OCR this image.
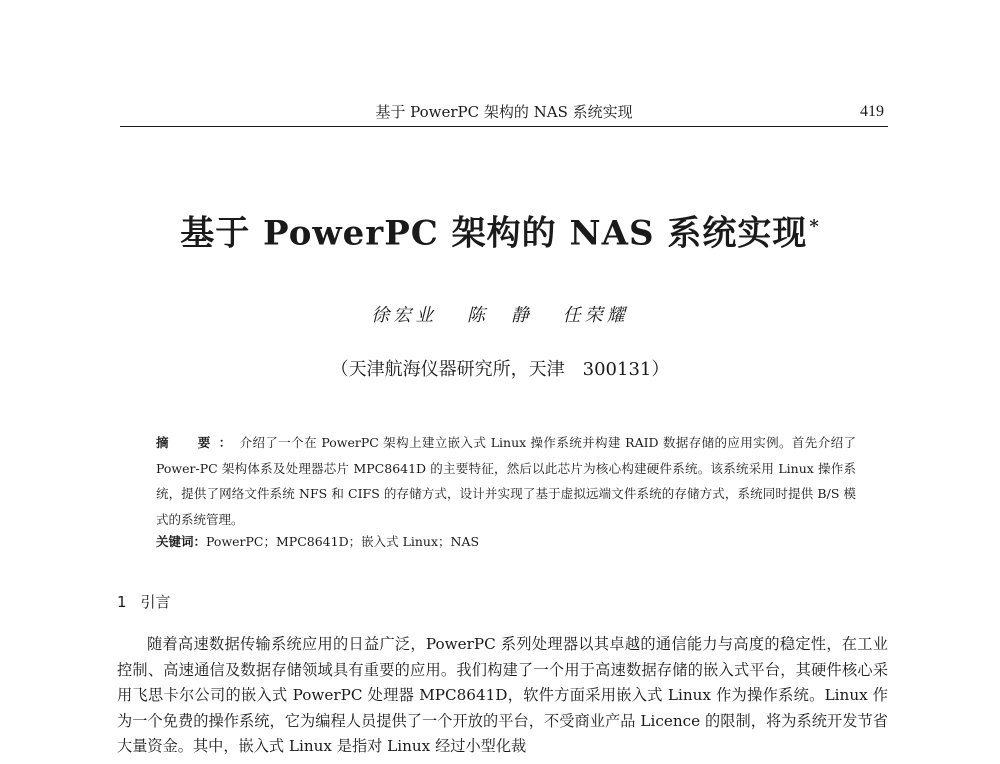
基于 PowerPC 架构的 NAS 系统实现	419
基于 PowerPC 架构的 NAS 系统实现 *
徐宏业 陈　静 任荣耀
（天津航海仪器研究所，天津　300131）

摘　要：介绍了一个在 PowerPC 架构上建立嵌入式 Linux 操作系统并构建 RAID 数据存储的应用实例。首先介绍了 Power-PC 架构体系及处理器芯片 MPC8641D 的主要特征，然后以此芯片为核心构建硬件系统。该系统采用 Linux 操作系统，提供了网络文件系统 NFS 和 CIFS 的存储方式，设计并实现了基于虚拟远端文件系统的存储方式，系统同时提供 B/S 模式的系统管理。

关键词：PowerPC；MPC8641D；嵌入式 Linux；NAS
1 引言

随着高速数据传输系统应用的日益广泛，PowerPC 系列处理器以其卓越的通信能力与高度的稳定性，在工业控制、高速通信及数据存储领域具有重要的应用。我们构建了一个用于高速数据存储的嵌入式平台，其硬件核心采用飞思卡尔公司的嵌入式 PowerPC 处理器 MPC8641D，软件方面采用嵌入式 Linux 作为操作系统。Linux 作为一个免费的操作系统，它为编程人员提供了一个开放的平台，不受商业产品 Licence 的限制，将为系统开发节省大量资金。其中，嵌入式 Linux 是指对 Linux 经过小型化裁
